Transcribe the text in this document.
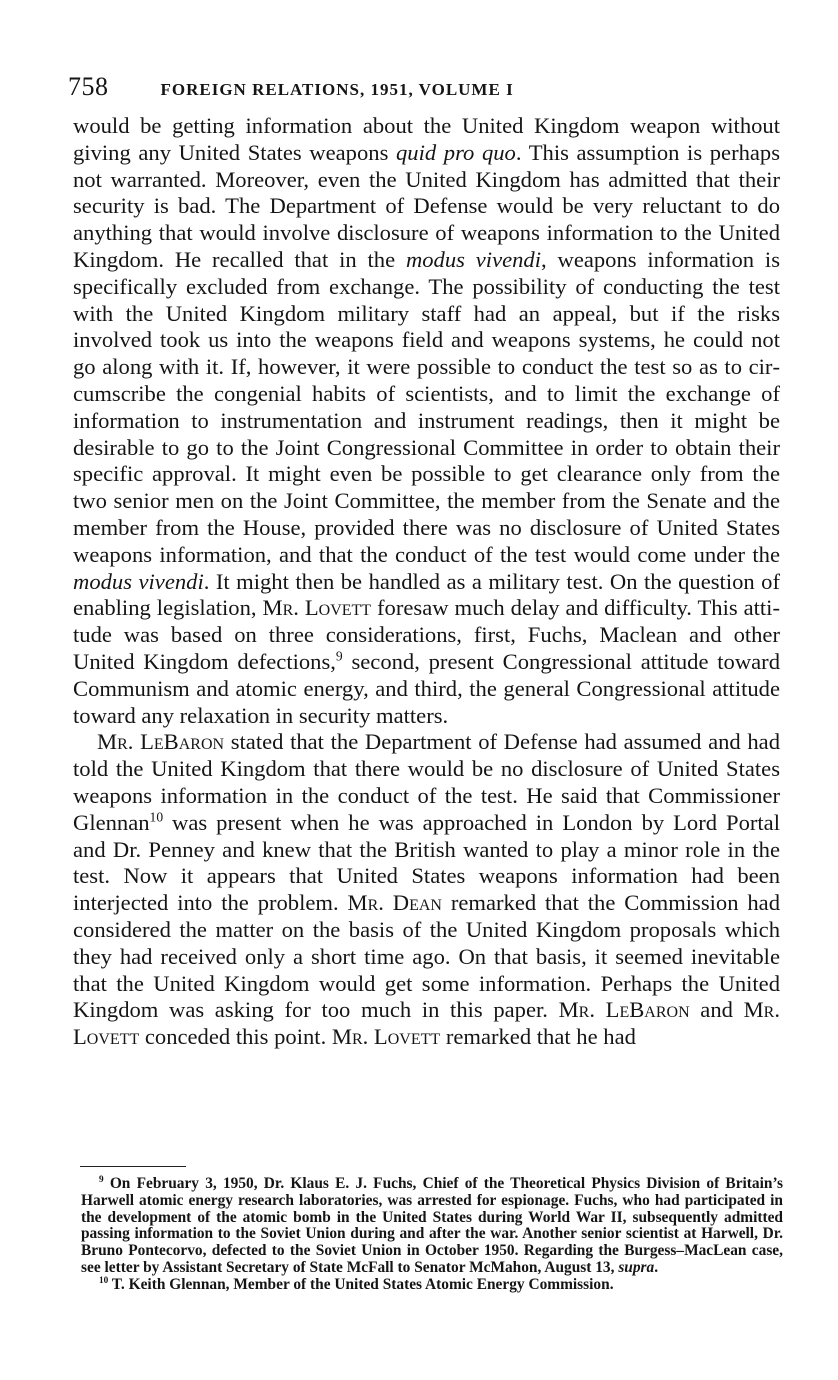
758	FOREIGN RELATIONS, 1951, VOLUME I

would be getting information about the United Kingdom weapon without giving any United States weapons quid pro quo. This assumption is perhaps not warranted. Moreover, even the United Kingdom has admitted that their security is bad. The Department of Defense would be very reluctant to do anything that would involve disclosure of weapons information to the United Kingdom. He recalled that in the modus vivendi, weapons information is specifically excluded from exchange. The possibility of conducting the test with the United Kingdom military staff had an appeal, but if the risks involved took us into the weapons field and weapons systems, he could not go along with it. If, however, it were possible to conduct the test so as to circumscribe the congenial habits of scientists, and to limit the exchange of information to instrumentation and instrument readings, then it might be desirable to go to the Joint Congressional Committee in order to obtain their specific approval. It might even be possible to get clearance only from the two senior men on the Joint Committee, the member from the Senate and the member from the House, provided there was no disclosure of United States weapons information, and that the conduct of the test would come under the modus vivendi. It might then be handled as a military test. On the question of enabling legislation, Mr. Lovett foresaw much delay and difficulty. This attitude was based on three considerations, first, Fuchs, Maclean and other United Kingdom defections,$^9$ second, present Congressional attitude toward Communism and atomic energy, and third, the general Congressional attitude toward any relaxation in security matters.

Mr. LeBaron stated that the Department of Defense had assumed and had told the United Kingdom that there would be no disclosure of United States weapons information in the conduct of the test. He said that Commissioner Glennan$^{10}$ was present when he was approached in London by Lord Portal and Dr. Penney and knew that the British wanted to play a minor role in the test. Now it appears that United States weapons information had been interjected into the problem. Mr. Dean remarked that the Commission had considered the matter on the basis of the United Kingdom proposals which they had received only a short time ago. On that basis, it seemed inevitable that the United Kingdom would get some information. Perhaps the United Kingdom was asking for too much in this paper. Mr. LeBaron and Mr. Lovett conceded this point. Mr. Lovett remarked that he had

$^9$ On February 3, 1950, Dr. Klaus E. J. Fuchs, Chief of the Theoretical Physics Division of Britain’s Harwell atomic energy research laboratories, was arrested for espionage. Fuchs, who had participated in the development of the atomic bomb in the United States during World War II, subsequently admitted passing information to the Soviet Union during and after the war. Another senior scientist at Harwell, Dr. Bruno Pontecorvo, defected to the Soviet Union in October 1950. Regarding the Burgess–MacLean case, see letter by Assistant Secretary of State McFall to Senator McMahon, August 13, supra.

$^{10}$ T. Keith Glennan, Member of the United States Atomic Energy Commission.
